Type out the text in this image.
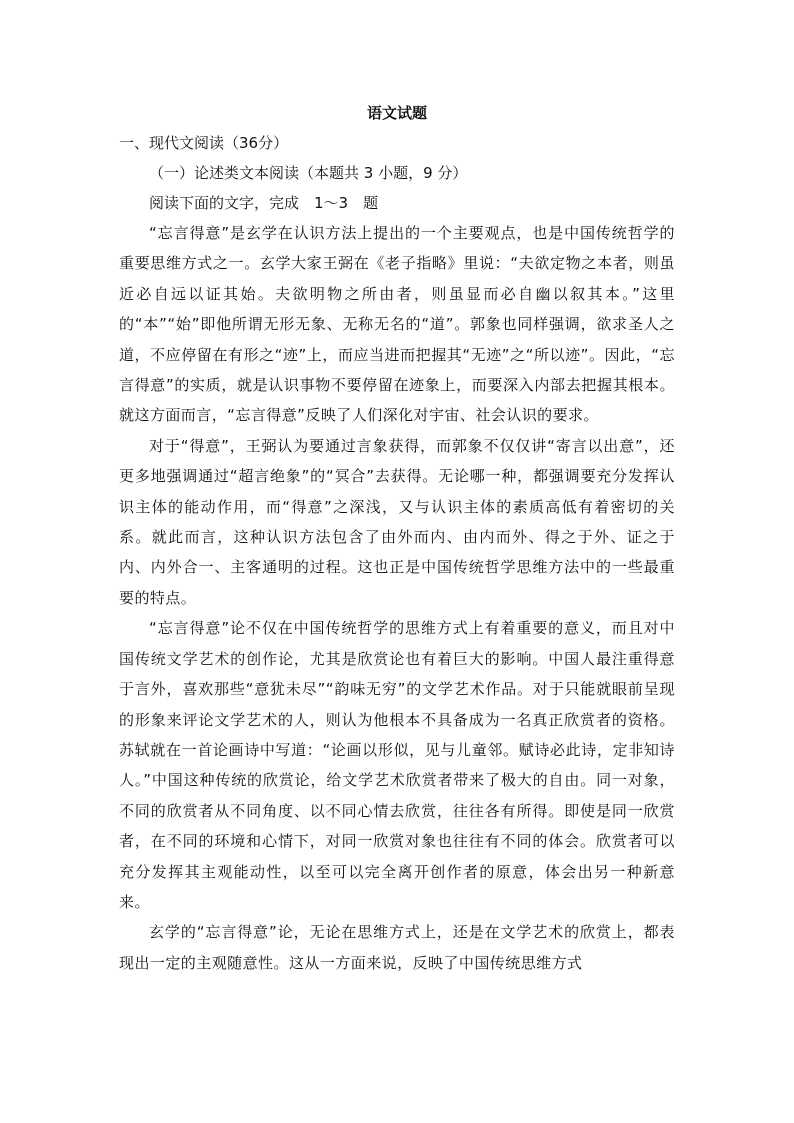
语文试题

一、现代文阅读（36分）

（一）论述类文本阅读（本题共 3 小题，9 分）

阅读下面的文字，完成　1～3　题

“忘言得意”是玄学在认识方法上提出的一个主要观点，也是中国传统哲学的重要思维方式之一。玄学大家王弼在《老子指略》里说：“夫欲定物之本者，则虽近必自远以证其始。夫欲明物之所由者，则虽显而必自幽以叙其本。”这里的“本”“始”即他所谓无形无象、无称无名的“道”。郭象也同样强调，欲求圣人之道，不应停留在有形之“迹”上，而应当进而把握其“无迹”之“所以迹”。因此，“忘言得意”的实质，就是认识事物不要停留在迹象上，而要深入内部去把握其根本。就这方面而言，“忘言得意”反映了人们深化对宇宙、社会认识的要求。

对于“得意”，王弼认为要通过言象获得，而郭象不仅仅讲“寄言以出意”，还更多地强调通过“超言绝象”的“冥合”去获得。无论哪一种，都强调要充分发挥认识主体的能动作用，而“得意”之深浅，又与认识主体的素质高低有着密切的关系。就此而言，这种认识方法包含了由外而内、由内而外、得之于外、证之于内、内外合一、主客通明的过程。这也正是中国传统哲学思维方法中的一些最重要的特点。

“忘言得意”论不仅在中国传统哲学的思维方式上有着重要的意义，而且对中国传统文学艺术的创作论，尤其是欣赏论也有着巨大的影响。中国人最注重得意于言外，喜欢那些“意犹未尽”“韵味无穷”的文学艺术作品。对于只能就眼前呈现的形象来评论文学艺术的人，则认为他根本不具备成为一名真正欣赏者的资格。苏轼就在一首论画诗中写道：“论画以形似，见与儿童邻。赋诗必此诗，定非知诗人。”中国这种传统的欣赏论，给文学艺术欣赏者带来了极大的自由。同一对象，不同的欣赏者从不同角度、以不同心情去欣赏，往往各有所得。即使是同一欣赏者，在不同的环境和心情下，对同一欣赏对象也往往有不同的体会。欣赏者可以充分发挥其主观能动性，以至可以完全离开创作者的原意，体会出另一种新意来。

玄学的“忘言得意”论，无论在思维方式上，还是在文学艺术的欣赏上，都表现出一定的主观随意性。这从一方面来说，反映了中国传统思维方式
